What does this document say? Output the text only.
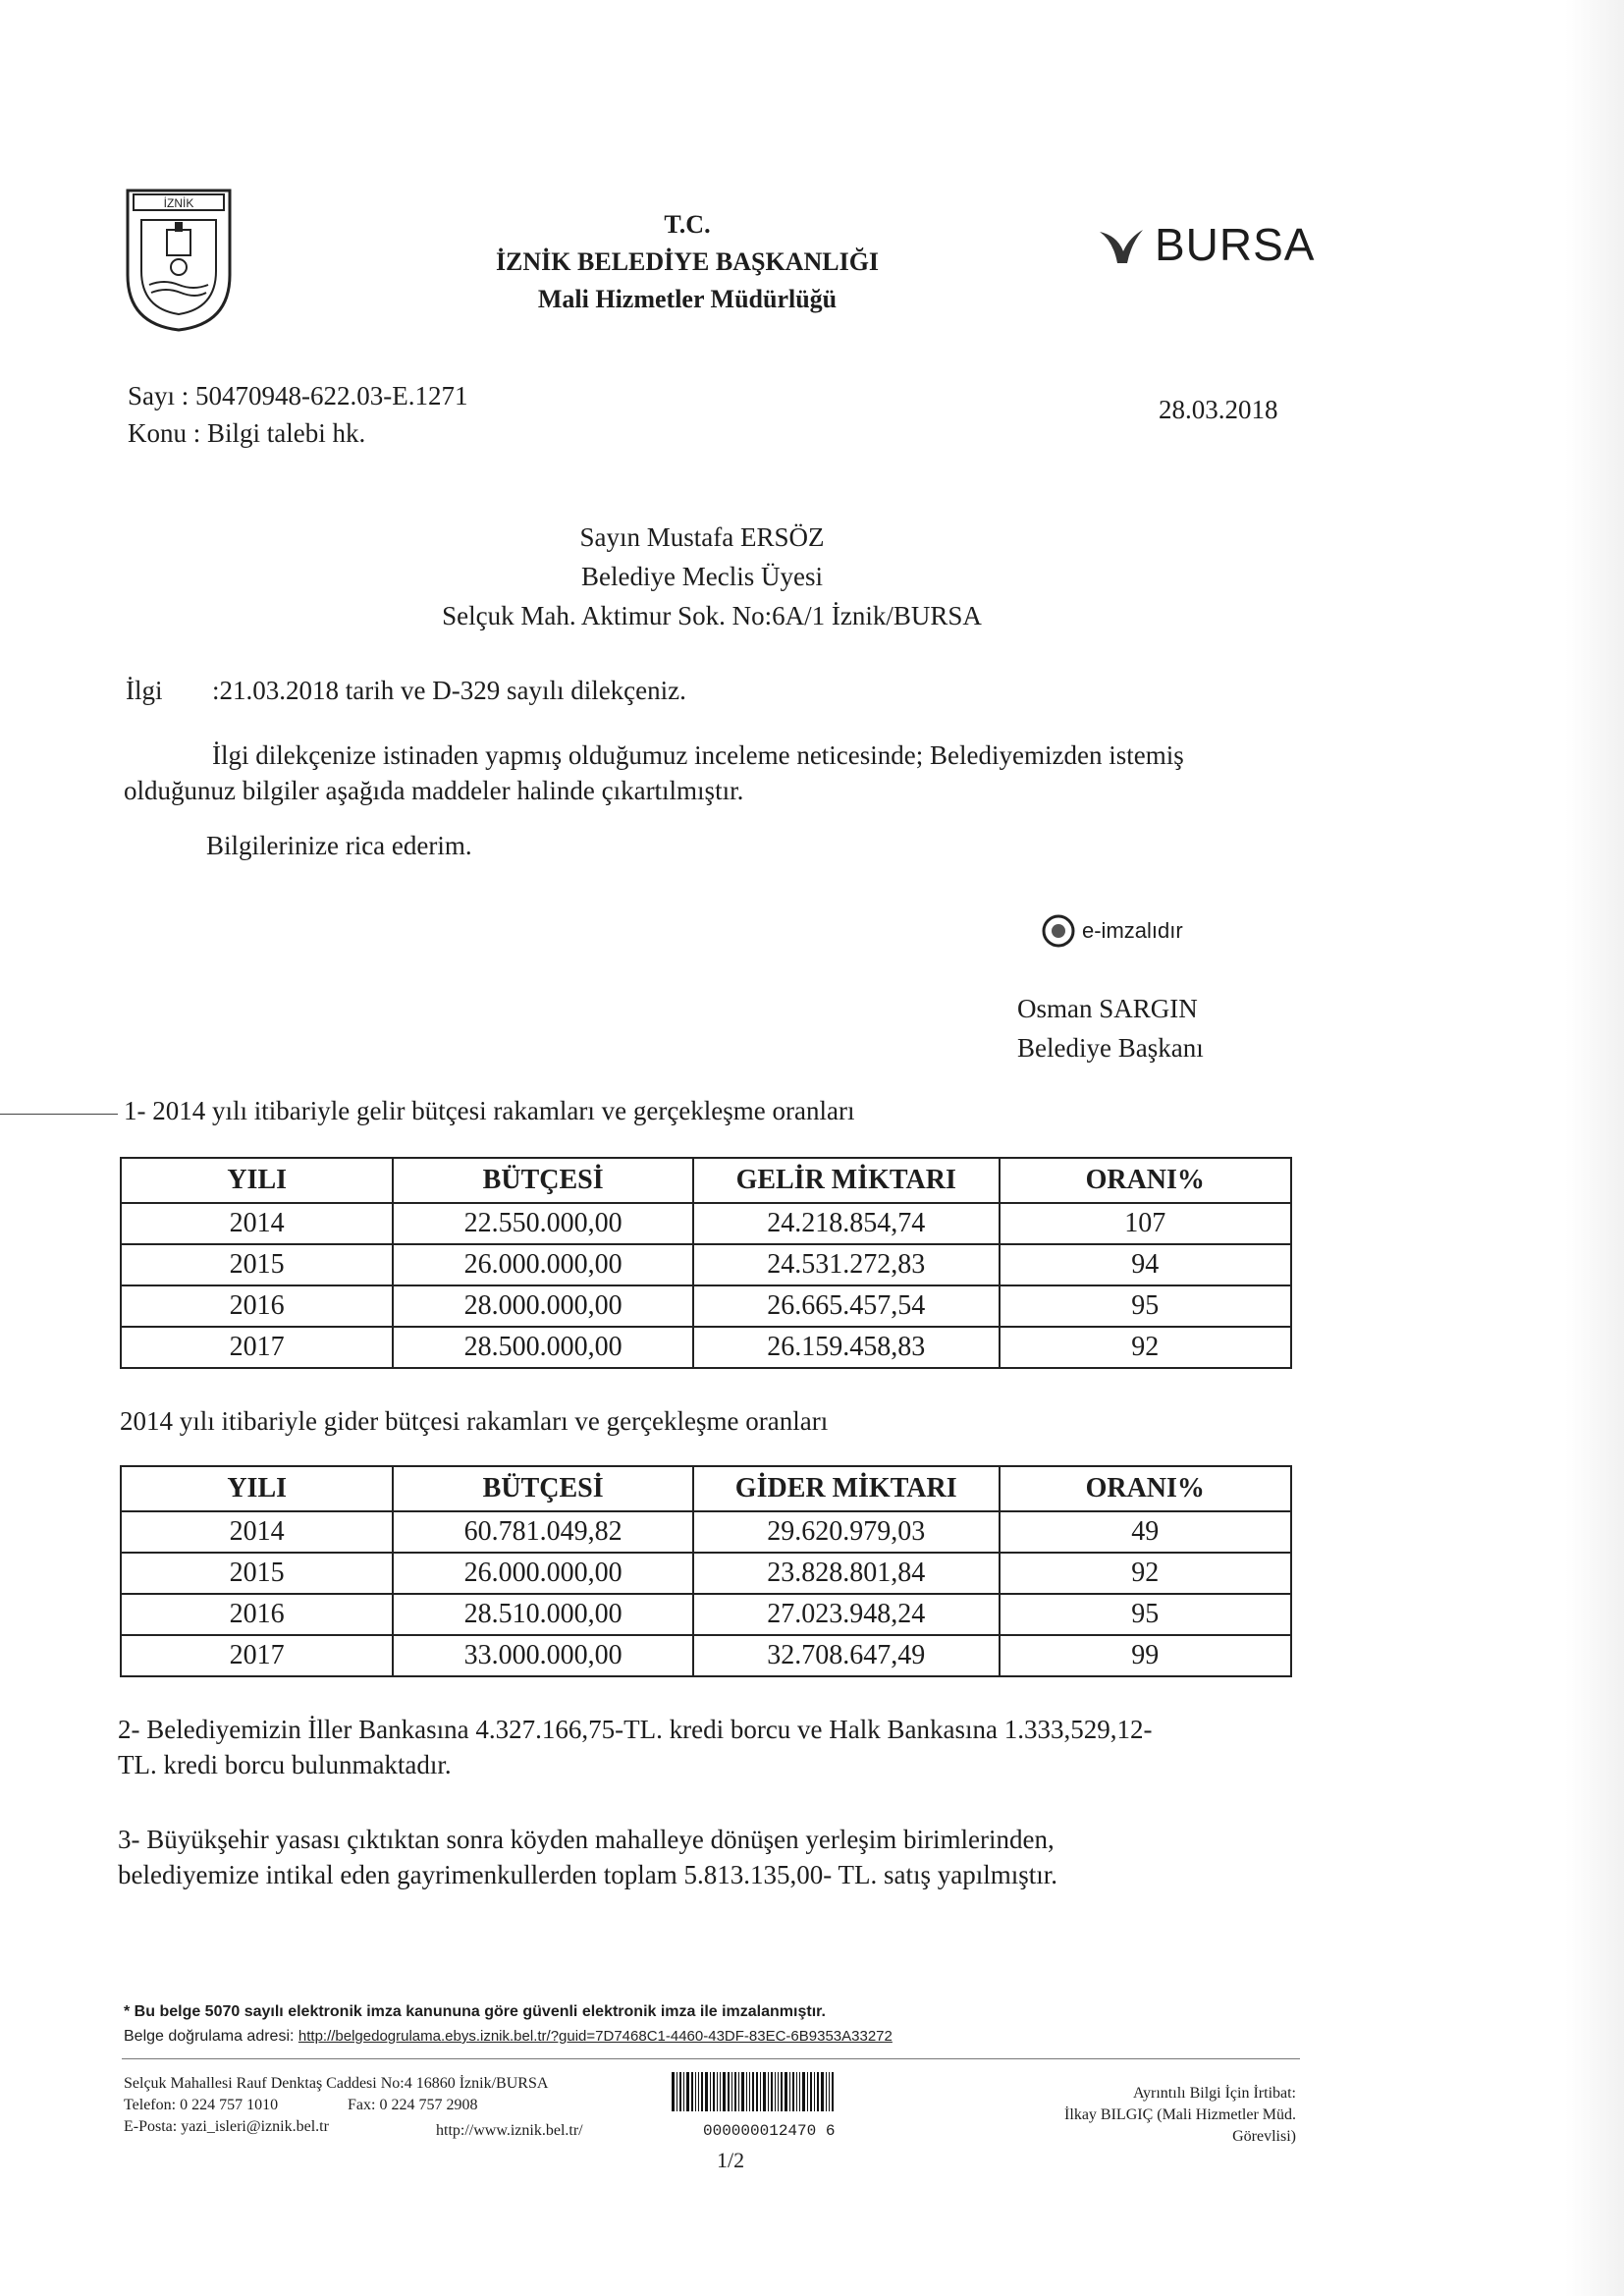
İZNİK
T.C.
İZNİK BELEDİYE BAŞKANLIĞI
Mali Hizmetler Müdürlüğü
BURSA
Sayı : 50470948-622.03-E.1271
Konu : Bilgi talebi hk.
28.03.2018
Sayın Mustafa ERSÖZ
Belediye Meclis Üyesi
Selçuk Mah. Aktimur Sok. No:6A/1 İznik/BURSA
İlgi :21.03.2018 tarih ve D-329 sayılı dilekçeniz.
İlgi dilekçenize istinaden yapmış olduğumuz inceleme neticesinde; Belediyemizden istemiş
olduğunuz bilgiler aşağıda maddeler halinde çıkartılmıştır.
Bilgilerinize rica ederim.
e-imzalıdır
Osman SARGIN
Belediye Başkanı
1- 2014 yılı itibariyle gelir bütçesi rakamları ve gerçekleşme oranları
YILI	BÜTÇESİ	GELİR MİKTARI	ORANI%
2014	22.550.000,00	24.218.854,74	107
2015	26.000.000,00	24.531.272,83	94
2016	28.000.000,00	26.665.457,54	95
2017	28.500.000,00	26.159.458,83	92
2014 yılı itibariyle gider bütçesi rakamları ve gerçekleşme oranları
YILI	BÜTÇESİ	GİDER MİKTARI	ORANI%
2014	60.781.049,82	29.620.979,03	49
2015	26.000.000,00	23.828.801,84	92
2016	28.510.000,00	27.023.948,24	95
2017	33.000.000,00	32.708.647,49	99
2- Belediyemizin İller Bankasına 4.327.166,75-TL. kredi borcu ve Halk Bankasına 1.333,529,12-
TL. kredi borcu bulunmaktadır.
3- Büyükşehir yasası çıktıktan sonra köyden mahalleye dönüşen yerleşim birimlerinden,
belediyemize intikal eden gayrimenkullerden toplam 5.813.135,00- TL. satış yapılmıştır.
* Bu belge 5070 sayılı elektronik imza kanununa göre güvenli elektronik imza ile imzalanmıştır.
Belge doğrulama adresi: http://belgedogrulama.ebys.iznik.bel.tr/?guid=7D7468C1-4460-43DF-83EC-6B9353A33272
Selçuk Mahallesi Rauf Denktaş Caddesi No:4 16860 İznik/BURSA
Telefon: 0 224 757 1010	Fax: 0 224 757 2908
E-Posta: yazi_isleri@iznik.bel.tr	http://www.iznik.bel.tr/	000000012470 6
1/2
Ayrıntılı Bilgi İçin İrtibat:
İlkay BILGIÇ (Mali Hizmetler Müd.
Görevlisi)
